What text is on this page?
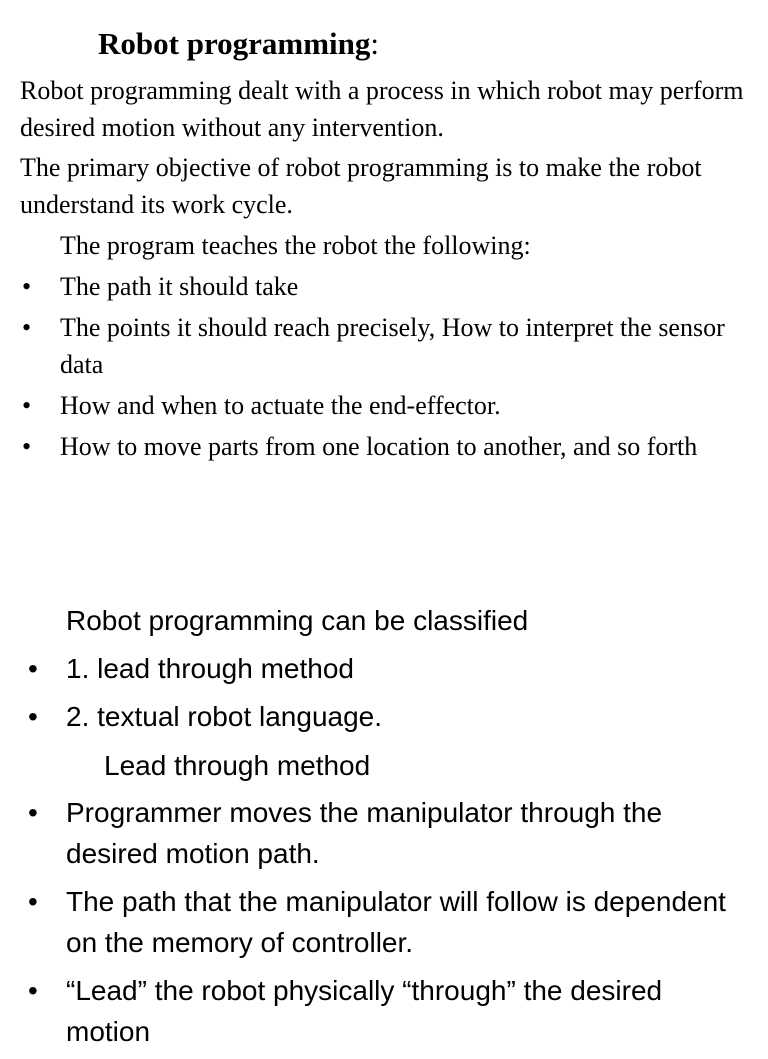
Robot programming:

Robot programming dealt with a process in which robot may perform desired motion without any intervention.

The primary objective of robot programming is to make the robot understand its work cycle.

The program teaches the robot the following:

• The path it should take
• The points it should reach precisely, How to interpret the sensor data
• How and when to actuate the end-effector.
• How to move parts from one location to another, and so forth

Robot programming can be classified

• 1. lead through method
• 2. textual robot language.

Lead through method

• Programmer moves the manipulator through the desired motion path.
• The path that the manipulator will follow is dependent on the memory of controller.
• “Lead” the robot physically “through” the desired motion
